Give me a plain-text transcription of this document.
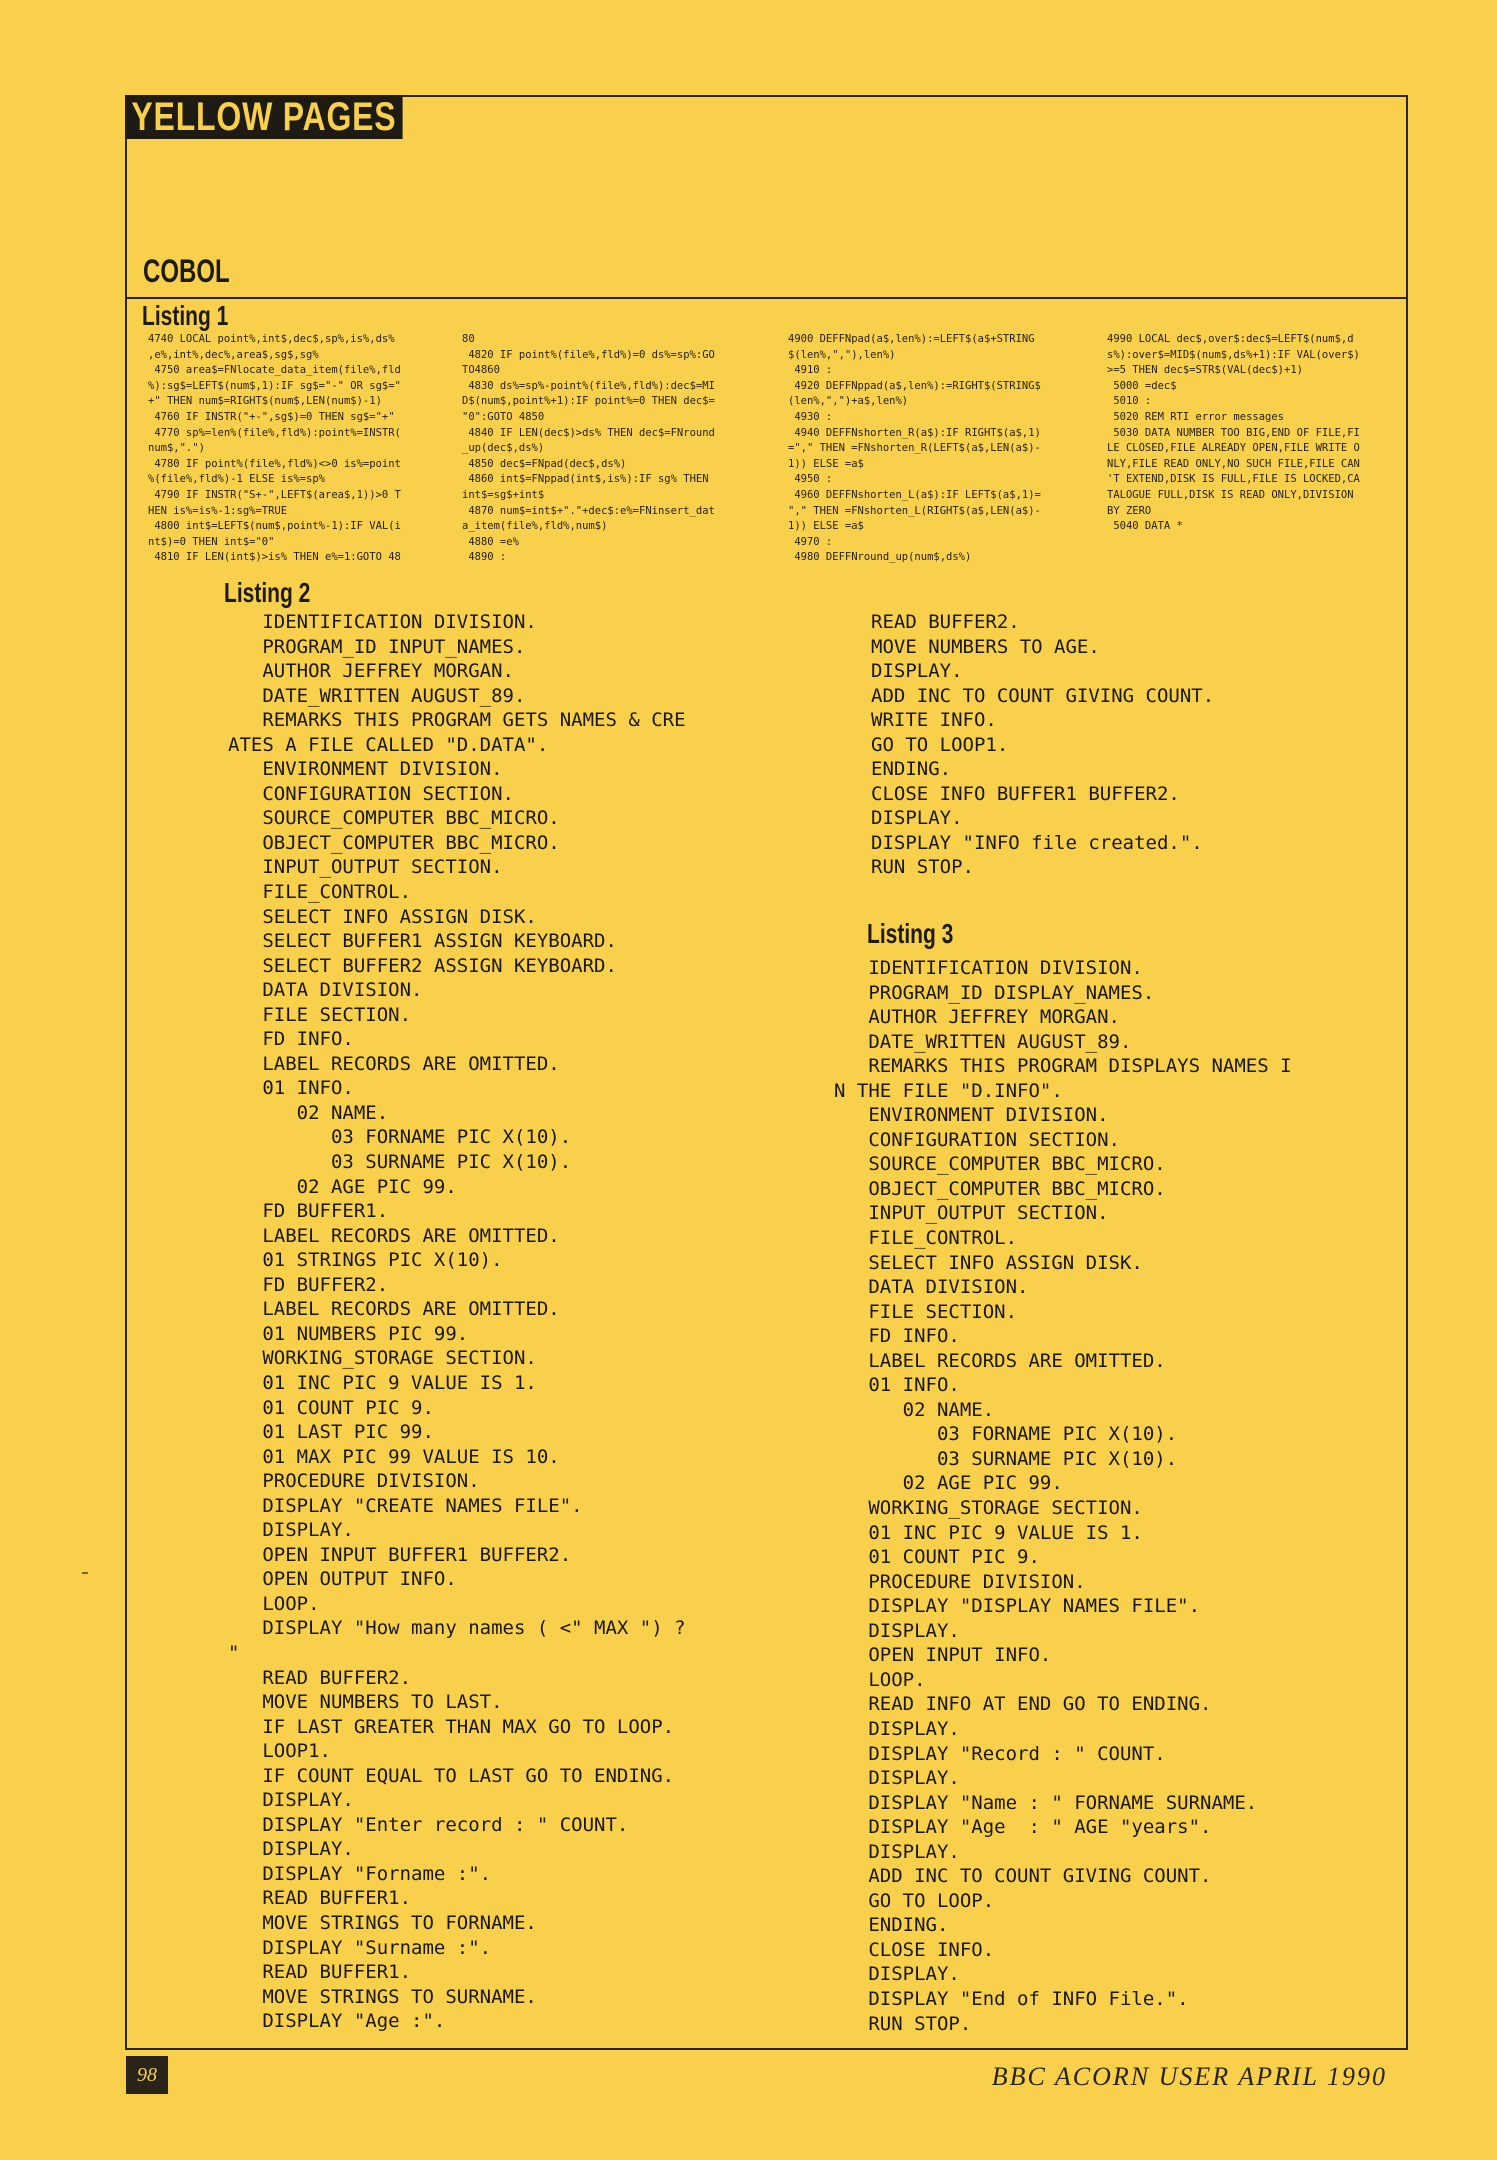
YELLOW PAGES
COBOL
Listing 1
4740 LOCAL point%,int$,dec$,sp%,is%,ds%
,e%,int%,dec%,area$,sg$,sg%
4750 area$=FNlocate_data_item(file%,fld
%):sg$=LEFT$(num$,1):IF sg$="-" OR sg$="
+" THEN num$=RIGHT$(num$,LEN(num$)-1)
4760 IF INSTR("+-",sg$)=0 THEN sg$="+"
4770 sp%=len%(file%,fld%):point%=INSTR(
num$,".")
4780 IF point%(file%,fld%)<>0 is%=point
%(file%,fld%)-1 ELSE is%=sp%
4790 IF INSTR("S+-",LEFT$(area$,1))>0 T
HEN is%=is%-1:sg%=TRUE
4800 int$=LEFT$(num$,point%-1):IF VAL(i
nt$)=0 THEN int$="0"
4810 IF LEN(int$)>is% THEN e%=1:GOTO 48
80
4820 IF point%(file%,fld%)=0 ds%=sp%:GO
TO4860
4830 ds%=sp%-point%(file%,fld%):dec$=MI
D$(num$,point%+1):IF point%=0 THEN dec$=
"0":GOTO 4850
4840 IF LEN(dec$)>ds% THEN dec$=FNround
_up(dec$,ds%)
4850 dec$=FNpad(dec$,ds%)
4860 int$=FNppad(int$,is%):IF sg% THEN
int$=sg$+int$
4870 num$=int$+"."+dec$:e%=FNinsert_dat
a_item(file%,fld%,num$)
4880 =e%
4890 :
4900 DEFFNpad(a$,len%):=LEFT$(a$+STRING
$(len%,","),len%)
4910 :
4920 DEFFNppad(a$,len%):=RIGHT$(STRING$
(len%,",")+a$,len%)
4930 :
4940 DEFFNshorten_R(a$):IF RIGHT$(a$,1)
="," THEN =FNshorten_R(LEFT$(a$,LEN(a$)-
1)) ELSE =a$
4950 :
4960 DEFFNshorten_L(a$):IF LEFT$(a$,1)=
"," THEN =FNshorten_L(RIGHT$(a$,LEN(a$)-
1)) ELSE =a$
4970 :
4980 DEFFNround_up(num$,ds%)
4990 LOCAL dec$,over$:dec$=LEFT$(num$,d
s%):over$=MID$(num$,ds%+1):IF VAL(over$)
>=5 THEN dec$=STR$(VAL(dec$)+1)
5000 =dec$
5010 :
5020 REM RTI error messages
5030 DATA NUMBER TOO BIG,END OF FILE,FI
LE CLOSED,FILE ALREADY OPEN,FILE WRITE O
NLY,FILE READ ONLY,NO SUCH FILE,FILE CAN
'T EXTEND,DISK IS FULL,FILE IS LOCKED,CA
TALOGUE FULL,DISK IS READ ONLY,DIVISION
BY ZERO
5040 DATA *
Listing 2
IDENTIFICATION DIVISION.
PROGRAM_ID INPUT_NAMES.
AUTHOR JEFFREY MORGAN.
DATE_WRITTEN AUGUST_89.
REMARKS THIS PROGRAM GETS NAMES & CRE
ATES A FILE CALLED "D.DATA".
ENVIRONMENT DIVISION.
CONFIGURATION SECTION.
SOURCE_COMPUTER BBC_MICRO.
OBJECT_COMPUTER BBC_MICRO.
INPUT_OUTPUT SECTION.
FILE_CONTROL.
SELECT INFO ASSIGN DISK.
SELECT BUFFER1 ASSIGN KEYBOARD.
SELECT BUFFER2 ASSIGN KEYBOARD.
DATA DIVISION.
FILE SECTION.
FD INFO.
LABEL RECORDS ARE OMITTED.
01 INFO.
02 NAME.
03 FORNAME PIC X(10).
03 SURNAME PIC X(10).
02 AGE PIC 99.
FD BUFFER1.
LABEL RECORDS ARE OMITTED.
01 STRINGS PIC X(10).
FD BUFFER2.
LABEL RECORDS ARE OMITTED.
01 NUMBERS PIC 99.
WORKING_STORAGE SECTION.
01 INC PIC 9 VALUE IS 1.
01 COUNT PIC 9.
01 LAST PIC 99.
01 MAX PIC 99 VALUE IS 10.
PROCEDURE DIVISION.
DISPLAY "CREATE NAMES FILE".
DISPLAY.
OPEN INPUT BUFFER1 BUFFER2.
OPEN OUTPUT INFO.
LOOP.
DISPLAY "How many names ( <" MAX ") ?
"
READ BUFFER2.
MOVE NUMBERS TO LAST.
IF LAST GREATER THAN MAX GO TO LOOP.
LOOP1.
IF COUNT EQUAL TO LAST GO TO ENDING.
DISPLAY.
DISPLAY "Enter record : " COUNT.
DISPLAY.
DISPLAY "Forname :".
READ BUFFER1.
MOVE STRINGS TO FORNAME.
DISPLAY "Surname :".
READ BUFFER1.
MOVE STRINGS TO SURNAME.
DISPLAY "Age :".
READ BUFFER2.
MOVE NUMBERS TO AGE.
DISPLAY.
ADD INC TO COUNT GIVING COUNT.
WRITE INFO.
GO TO LOOP1.
ENDING.
CLOSE INFO BUFFER1 BUFFER2.
DISPLAY.
DISPLAY "INFO file created.".
RUN STOP.
Listing 3
IDENTIFICATION DIVISION.
PROGRAM_ID DISPLAY_NAMES.
AUTHOR JEFFREY MORGAN.
DATE_WRITTEN AUGUST_89.
REMARKS THIS PROGRAM DISPLAYS NAMES I
N THE FILE "D.INFO".
ENVIRONMENT DIVISION.
CONFIGURATION SECTION.
SOURCE_COMPUTER BBC_MICRO.
OBJECT_COMPUTER BBC_MICRO.
INPUT_OUTPUT SECTION.
FILE_CONTROL.
SELECT INFO ASSIGN DISK.
DATA DIVISION.
FILE SECTION.
FD INFO.
LABEL RECORDS ARE OMITTED.
01 INFO.
02 NAME.
03 FORNAME PIC X(10).
03 SURNAME PIC X(10).
02 AGE PIC 99.
WORKING_STORAGE SECTION.
01 INC PIC 9 VALUE IS 1.
01 COUNT PIC 9.
PROCEDURE DIVISION.
DISPLAY "DISPLAY NAMES FILE".
DISPLAY.
OPEN INPUT INFO.
LOOP.
READ INFO AT END GO TO ENDING.
DISPLAY.
DISPLAY "Record : " COUNT.
DISPLAY.
DISPLAY "Name : " FORNAME SURNAME.
DISPLAY "Age  : " AGE "years".
DISPLAY.
ADD INC TO COUNT GIVING COUNT.
GO TO LOOP.
ENDING.
CLOSE INFO.
DISPLAY.
DISPLAY "End of INFO File.".
RUN STOP.
98	BBC ACORN USER APRIL 1990
